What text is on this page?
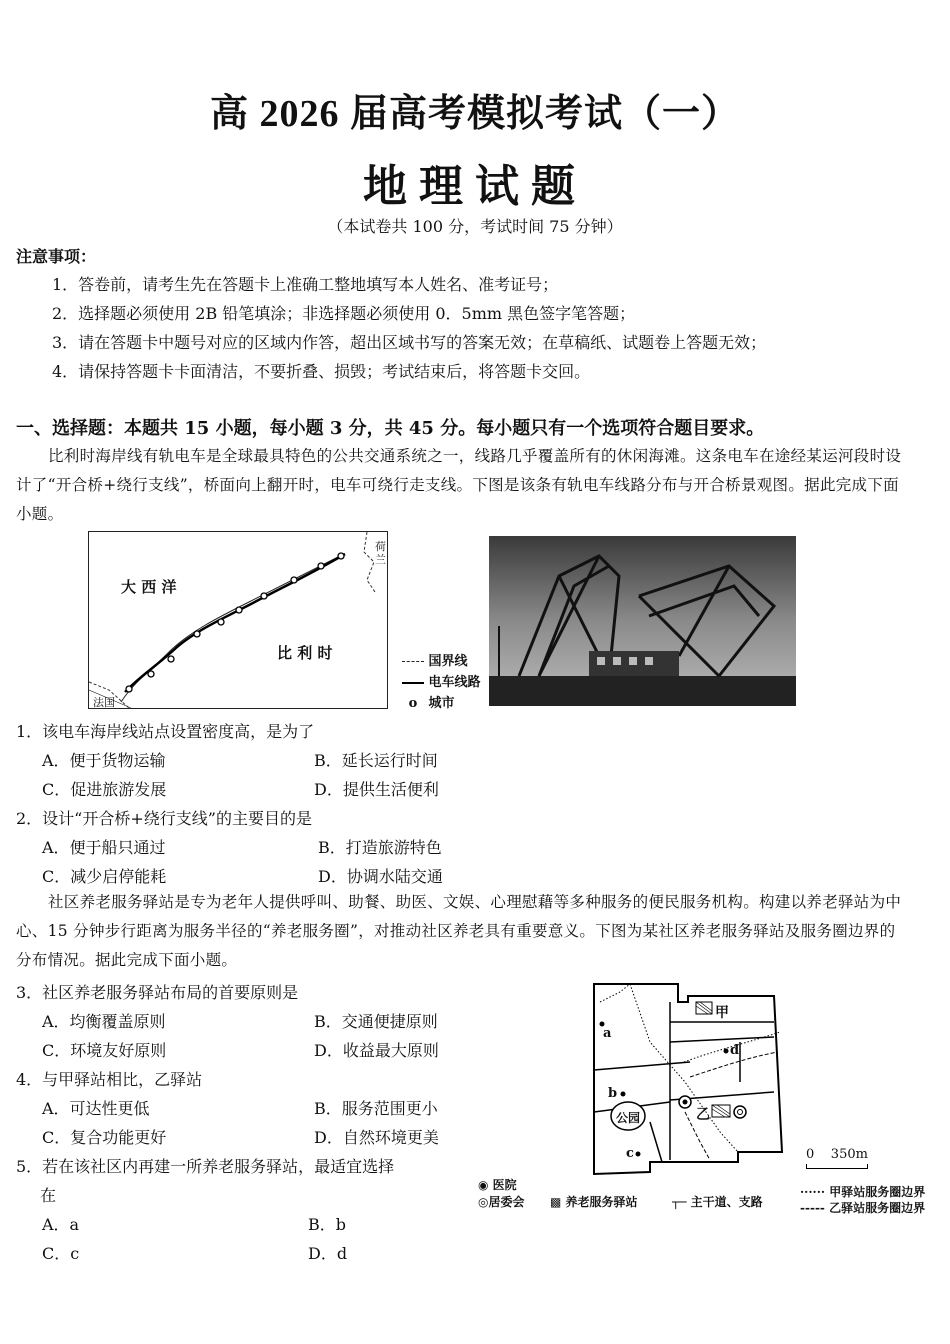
高 2026 届高考模拟考试（一）
地理试题
（本试卷共 100 分，考试时间 75 分钟）
注意事项：
1．答卷前，请考生先在答题卡上准确工整地填写本人姓名、准考证号；
2．选择题必须使用 2B 铅笔填涂；非选择题必须使用 0．5mm 黑色签字笔答题；
3．请在答题卡中题号对应的区域内作答，超出区域书写的答案无效；在草稿纸、试题卷上答题无效；
4．请保持答题卡卡面清洁，不要折叠、损毁；考试结束后，将答题卡交回。
一、选择题：本题共 15 小题，每小题 3 分，共 45 分。每小题只有一个选项符合题目要求。
比利时海岸线有轨电车是全球最具特色的公共交通系统之一，线路几乎覆盖所有的休闲海滩。这条电车在途经某运河段时设计了“开合桥+绕行支线”，桥面向上翻开时，电车可绕行走支线。下图是该条有轨电车线路分布与开合桥景观图。据此完成下面小题。
大 西 洋
比 利 时
荷兰
法国
国界线
电车线路
o 城市
1．该电车海岸线站点设置密度高，是为了
A．便于货物运输	B．延长运行时间
C．促进旅游发展	D．提供生活便利
2．设计“开合桥+绕行支线”的主要目的是
A．便于船只通过	B．打造旅游特色
C．减少启停能耗	D．协调水陆交通
社区养老服务驿站是专为老年人提供呼叫、助餐、助医、文娱、心理慰藉等多种服务的便民服务机构。构建以养老驿站为中心、15 分钟步行距离为服务半径的“养老服务圈”，对推动社区养老具有重要意义。下图为某社区养老服务驿站及服务圈边界的分布情况。据此完成下面小题。
3．社区养老服务驿站布局的首要原则是
A．均衡覆盖原则	B．交通便捷原则
C．环境友好原则	D．收益最大原则
4．与甲驿站相比，乙驿站
A．可达性更低	B．服务范围更小
C．复合功能更好	D．自然环境更美
5．若在该社区内再建一所养老服务驿站，最适宜选择
在
A．a	B．b
C．c	D．d
甲
乙
公园
a
b
c
d
0    350m
◉ 医院
◎居委会 ▩ 养老服务驿站	┬─ 主干道、支路
······ 甲驿站服务圈边界
----- 乙驿站服务圈边界
